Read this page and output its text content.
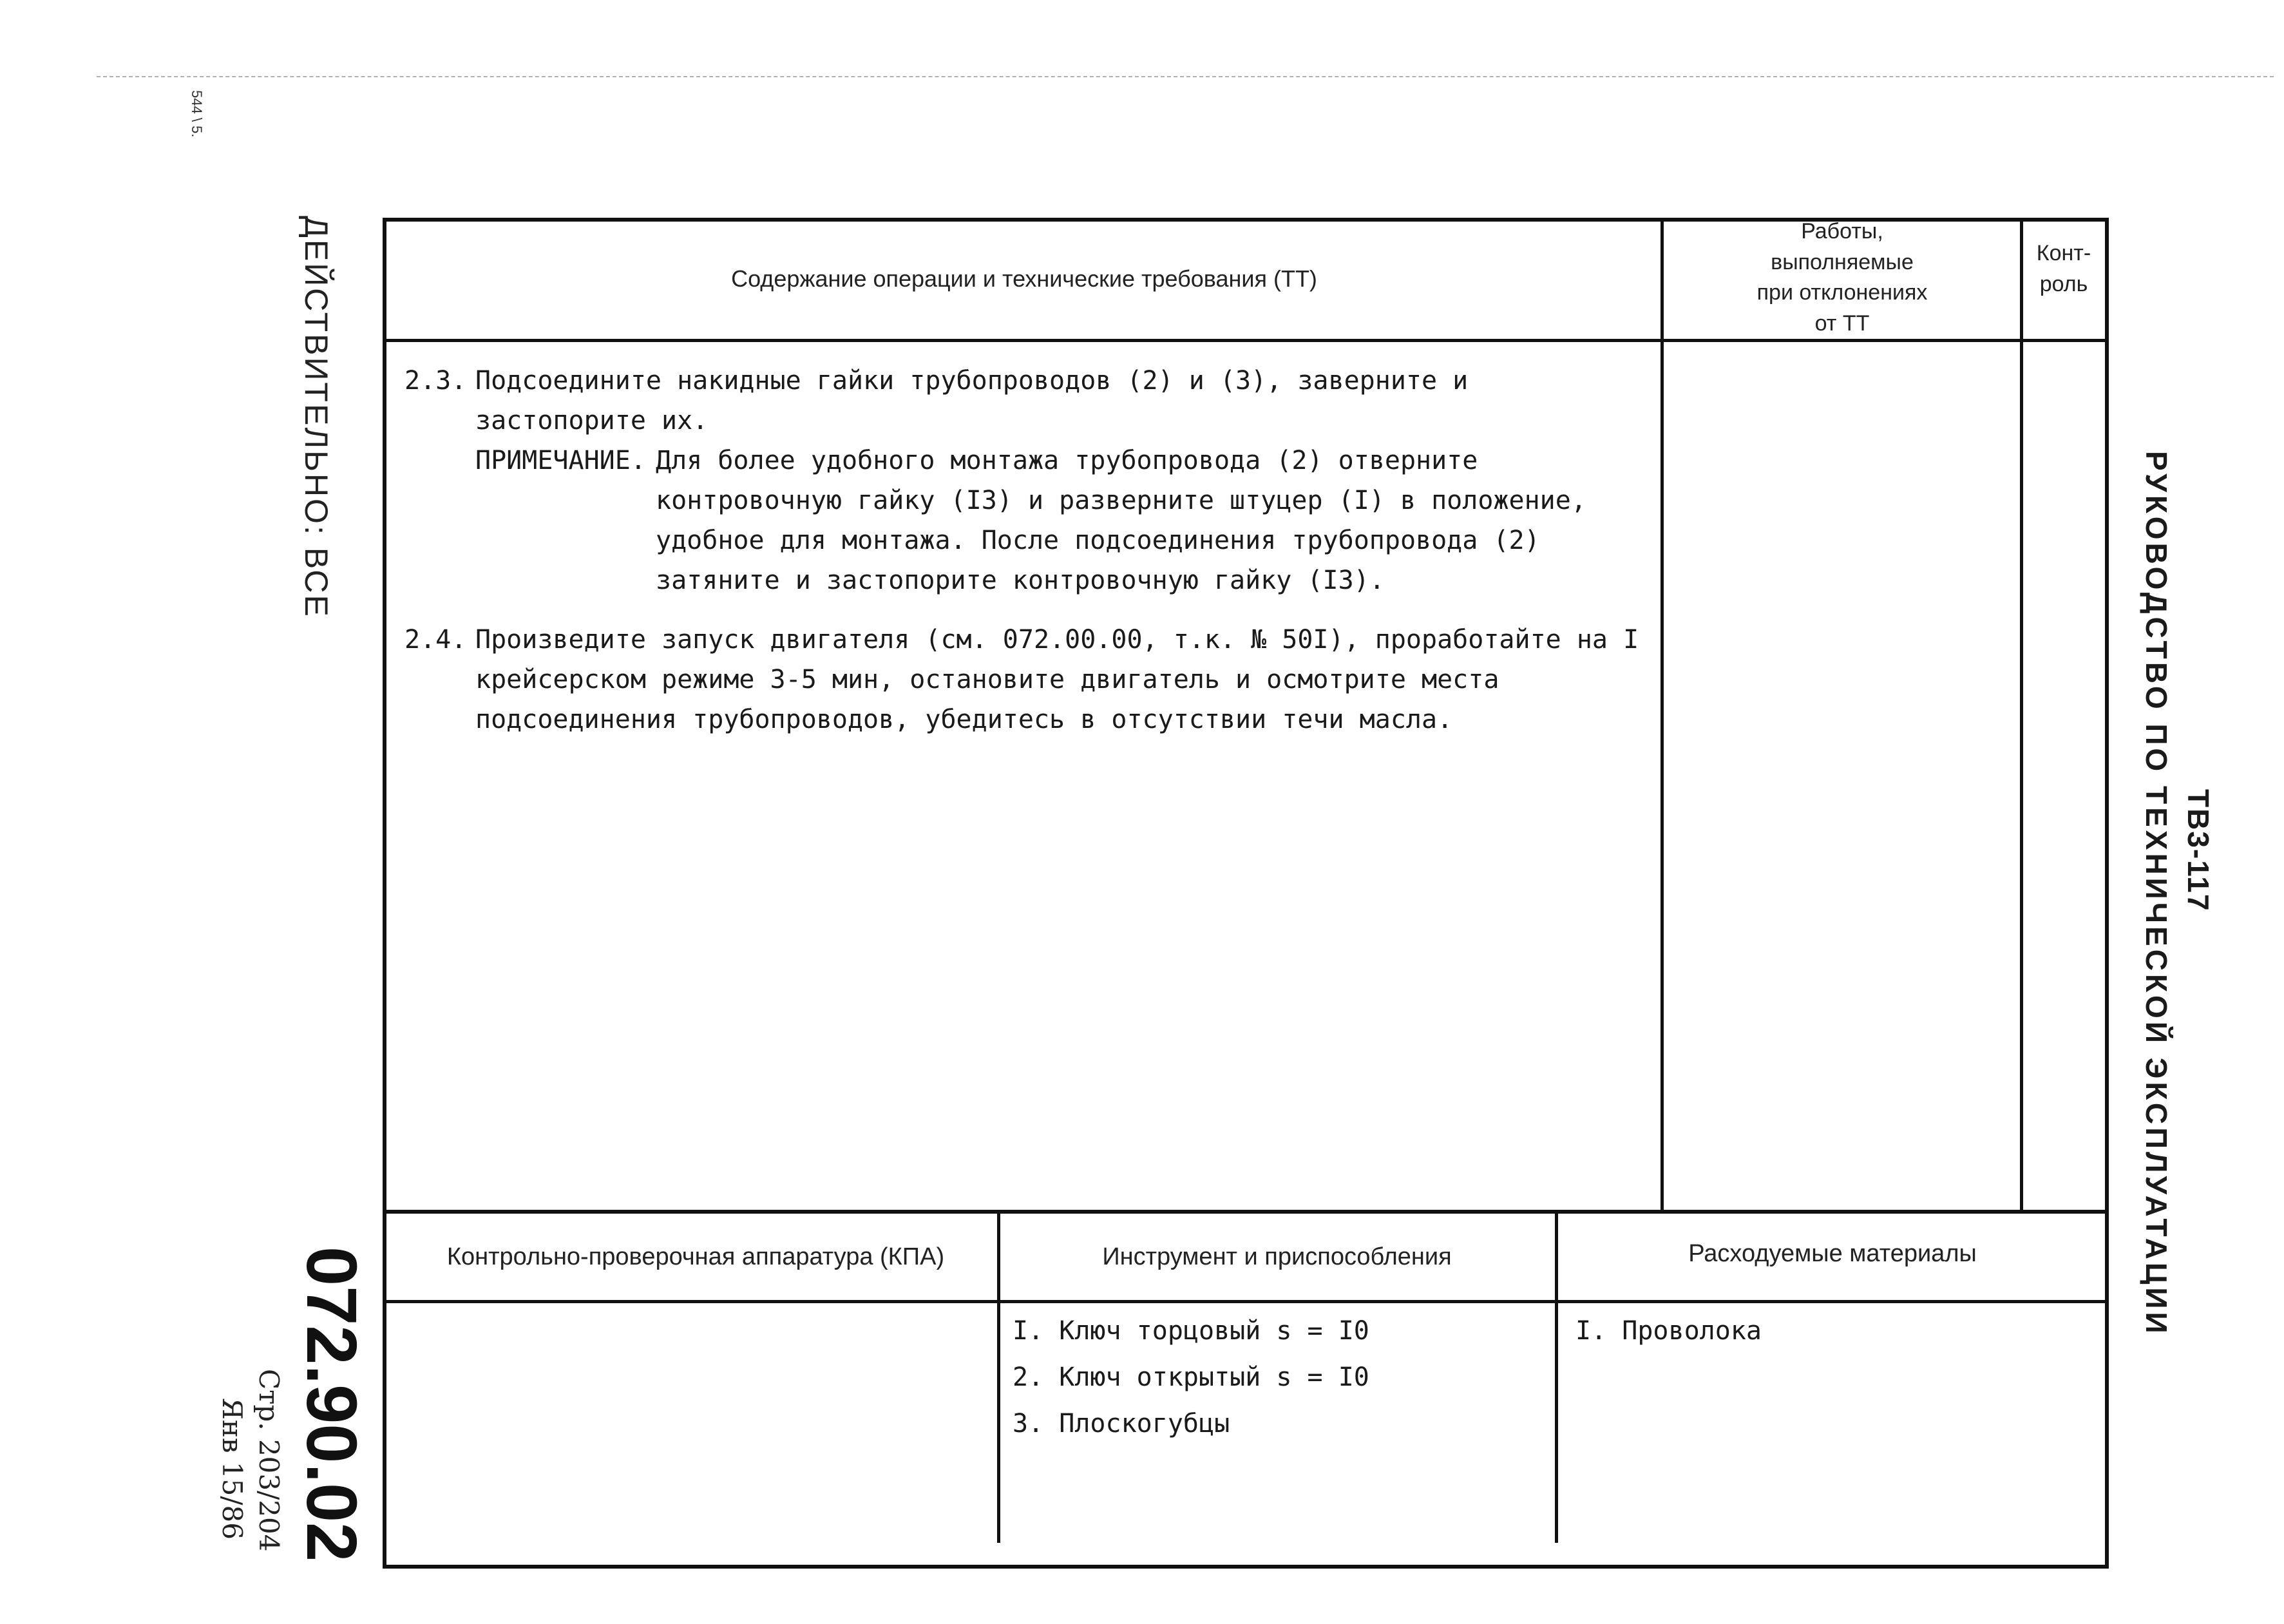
544 \ 5.
ДЕЙСТВИТЕЛЬНО: ВСЕ
072.90.02
Стр. 203/204
Янв 15/86
ТВ3-117
РУКОВОДСТВО ПО ТЕХНИЧЕСКОЙ ЭКСПЛУАТАЦИИ
Содержание операции и технические требования (ТТ)
Работы,
выполняемые
при отклонениях
от ТТ
Конт-
роль
2.3. Подсоедините накидные гайки трубопроводов (2) и (3), заверните и застопорите их.
ПРИМЕЧАНИЕ. Для более удобного монтажа трубопровода (2) отверните контровочную гайку (I3) и разверните штуцер (I) в положение, удобное для монтажа. После подсоединения трубопровода (2) затяните и застопорите контровочную гайку (I3).
2.4. Произведите запуск двигателя (см. 072.00.00, т.к. № 50I), проработайте на I крейсерском режиме 3-5 мин, остановите двигатель и осмотрите места подсоединения трубопроводов, убедитесь в отсутствии течи масла.
Контрольно-проверочная аппаратура (КПА)	Инструмент и приспособления	Расходуемые материалы
I. Ключ торцовый s = I0
2. Ключ открытый s = I0
3. Плоскогубцы
I. Проволока
